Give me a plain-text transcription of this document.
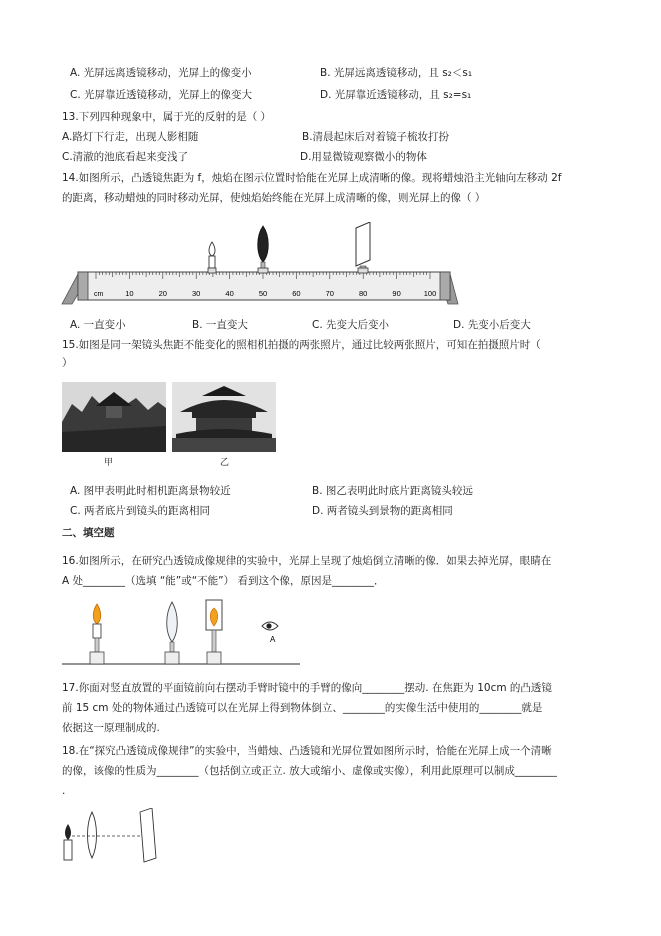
A. 光屏远离透镜移动，光屏上的像变小	B. 光屏远离透镜移动，且 s₂＜s₁
C. 光屏靠近透镜移动，光屏上的像变大	D. 光屏靠近透镜移动，且 s₂=s₁
13.下列四种现象中，属于光的反射的是（ ）
A.路灯下行走，出现人影相随	B.清晨起床后对着镜子梳妆打扮
C.清澈的池底看起来变浅了	D.用显微镜观察微小的物体
14.如图所示，凸透镜焦距为 f，烛焰在图示位置时恰能在光屏上成清晰的像。现将蜡烛沿主光轴向左移动 2f
的距离，移动蜡烛的同时移动光屏，使烛焰始终能在光屏上成清晰的像，则光屏上的像（ ）
cm	10	20	30	40	50	60	70	80	90	100
A. 一直变小	B. 一直变大	C. 先变大后变小	D. 先变小后变大
15.如图是同一架镜头焦距不能变化的照相机拍摄的两张照片，通过比较两张照片，可知在拍摄照片时（
）
甲	乙
A. 图甲表明此时相机距离景物较近	B. 图乙表明此时底片距离镜头较远
C. 两者底片到镜头的距离相同	D. 两者镜头到景物的距离相同
二、填空题
16.如图所示，在研究凸透镜成像规律的实验中，光屏上呈现了烛焰倒立清晰的像．如果去掉光屏，眼睛在
A 处________（选填 “能”或“不能”） 看到这个像，原因是________．
A
17.你面对竖直放置的平面镜前向右摆动手臂时镜中的手臂的像向________摆动. 在焦距为 10cm 的凸透镜
前 15 cm 处的物体通过凸透镜可以在光屏上得到物体倒立、________的实像生活中使用的________就是
依据这一原理制成的.
18.在“探究凸透镜成像规律”的实验中，当蜡烛、凸透镜和光屏位置如图所示时，恰能在光屏上成一个清晰
的像，该像的性质为________（包括倒立或正立. 放大或缩小、虚像或实像），利用此原理可以制成________
.
